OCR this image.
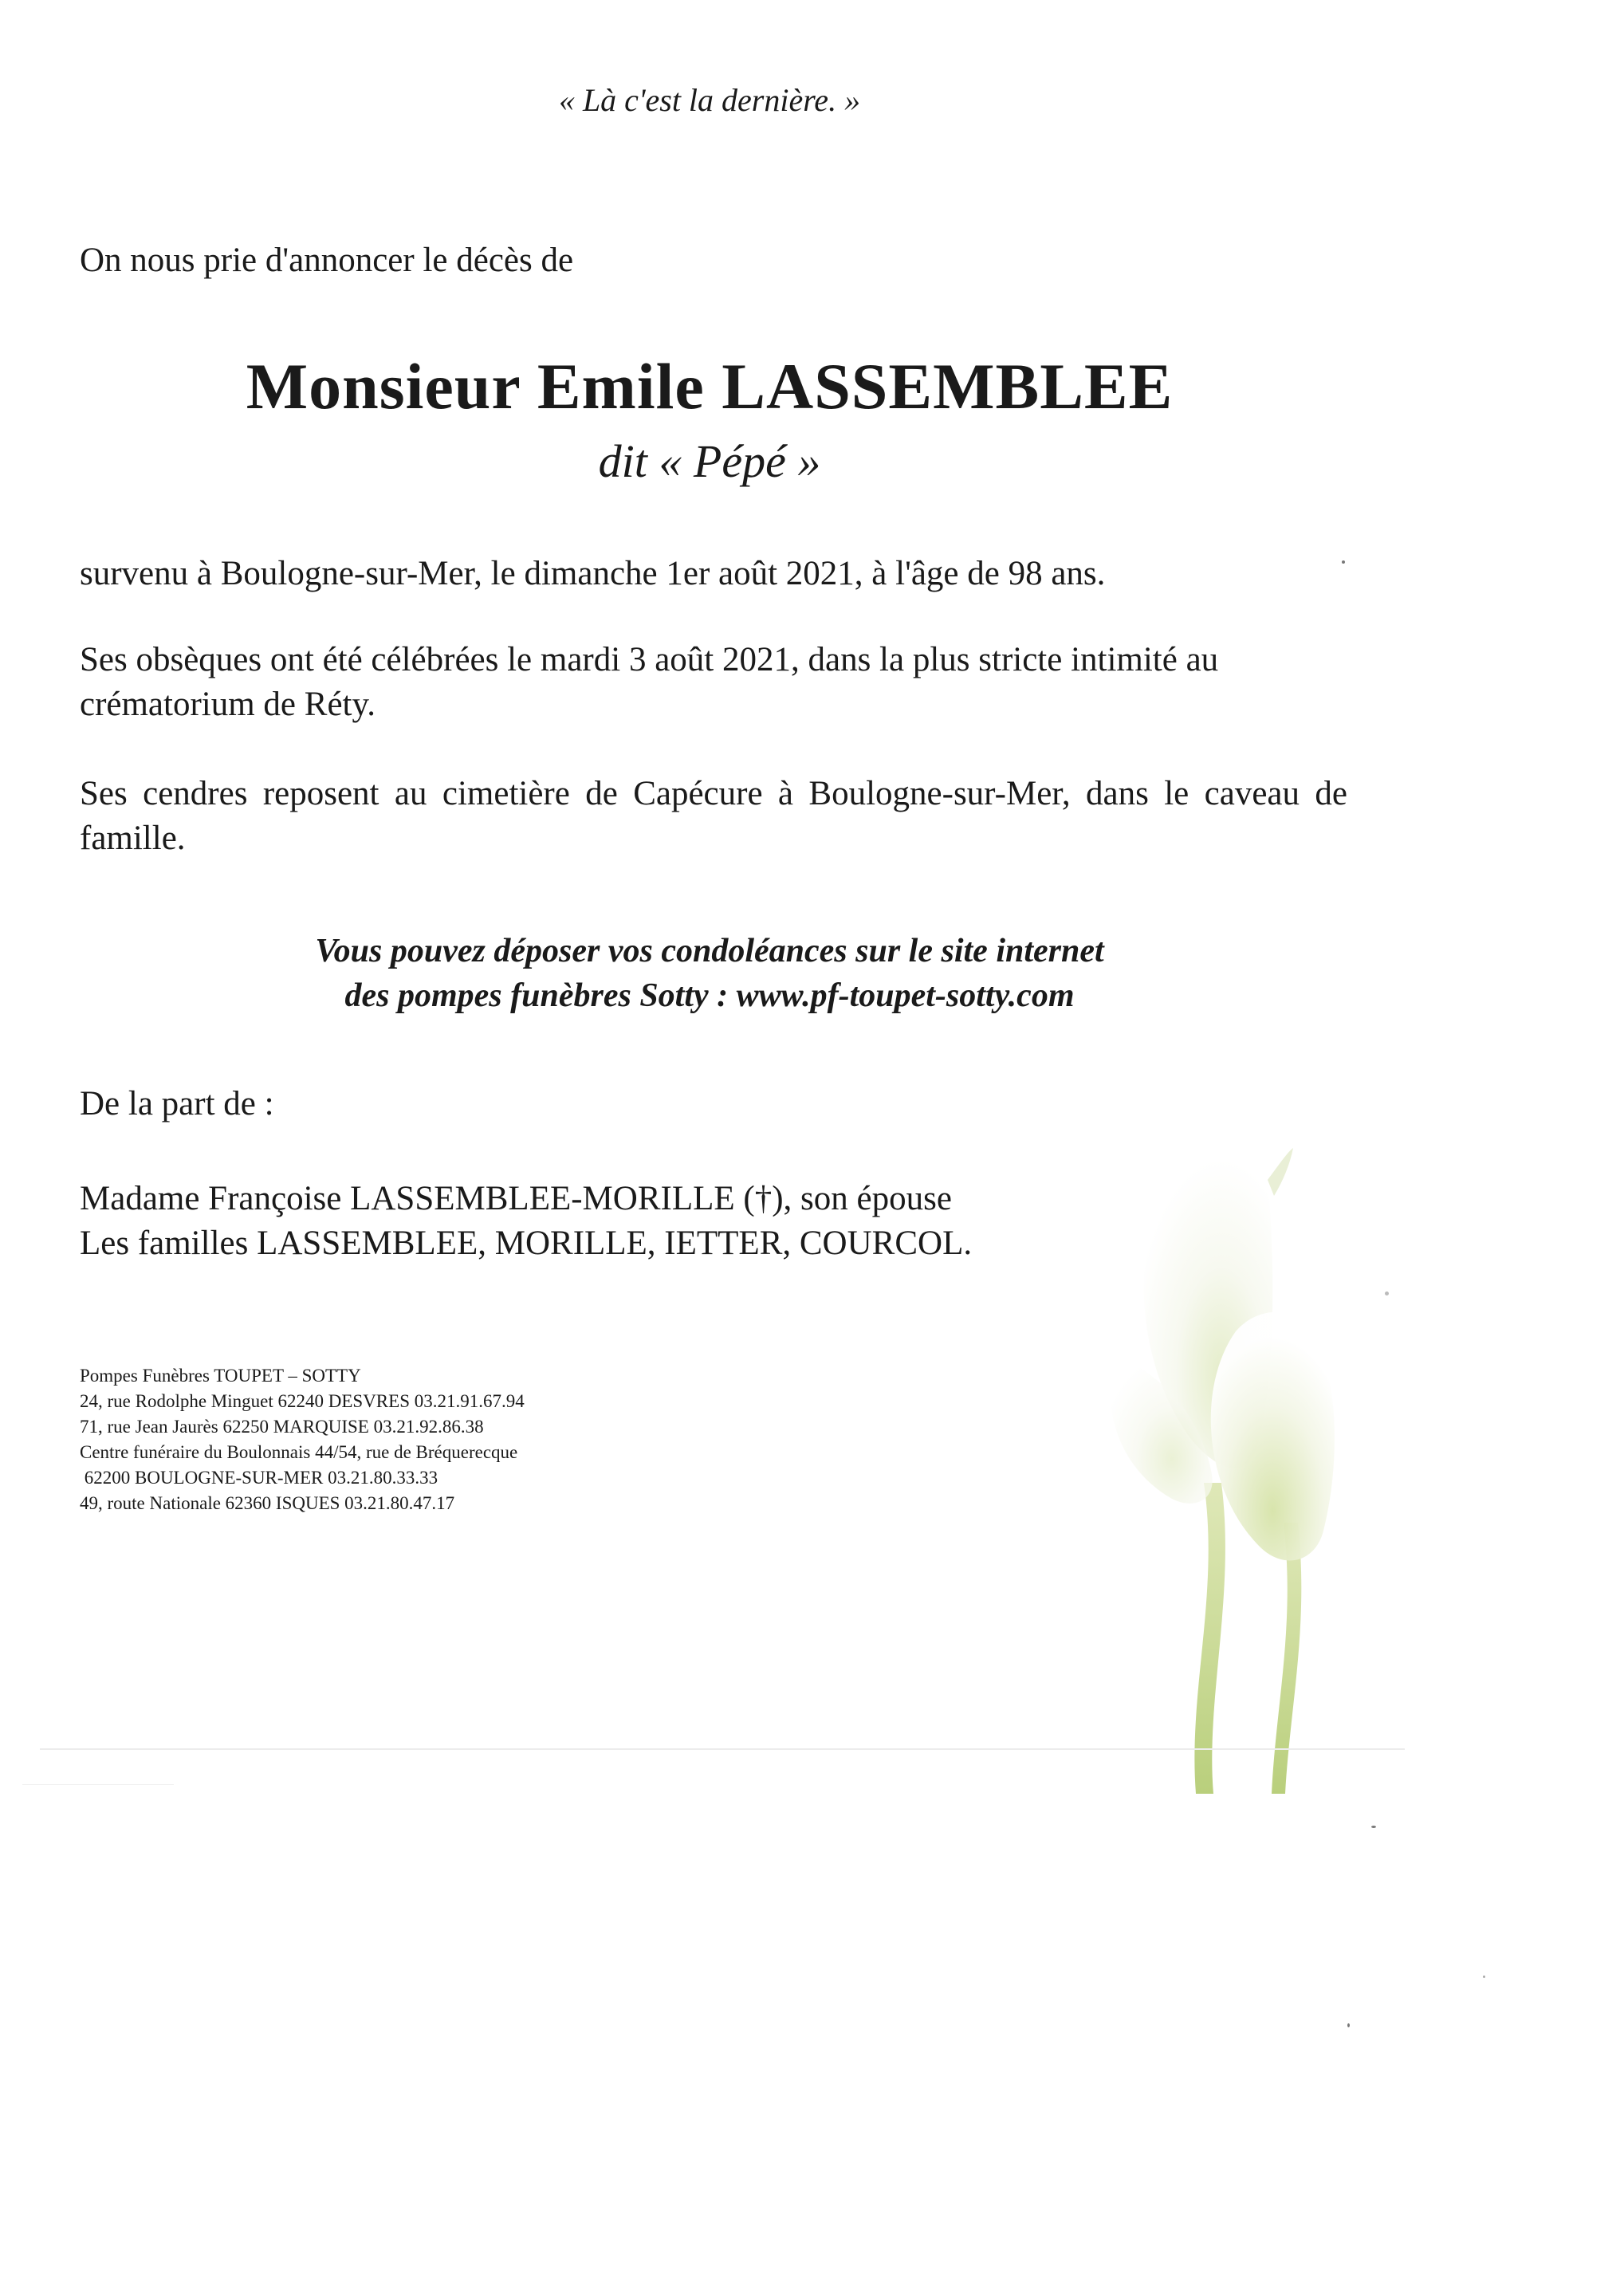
« Là c'est la dernière. »
On nous prie d'annoncer le décès de
Monsieur Emile LASSEMBLEE
dit « Pépé »
survenu à Boulogne-sur-Mer, le dimanche 1er août 2021, à l'âge de 98 ans.
Ses obsèques ont été célébrées le mardi 3 août 2021, dans la plus stricte intimité au crématorium de Réty.
Ses cendres reposent au cimetière de Capécure à Boulogne-sur-Mer, dans le caveau de famille.
Vous pouvez déposer vos condoléances sur le site internet
des pompes funèbres Sotty : www.pf-toupet-sotty.com
De la part de :
Madame Françoise LASSEMBLEE-MORILLE (†), son épouse
Les familles LASSEMBLEE, MORILLE, IETTER, COURCOL.
Pompes Funèbres TOUPET – SOTTY
24, rue Rodolphe Minguet 62240 DESVRES 03.21.91.67.94
71, rue Jean Jaurès 62250 MARQUISE 03.21.92.86.38
Centre funéraire du Boulonnais 44/54, rue de Bréquerecque
62200 BOULOGNE-SUR-MER 03.21.80.33.33
49, route Nationale 62360 ISQUES 03.21.80.47.17
